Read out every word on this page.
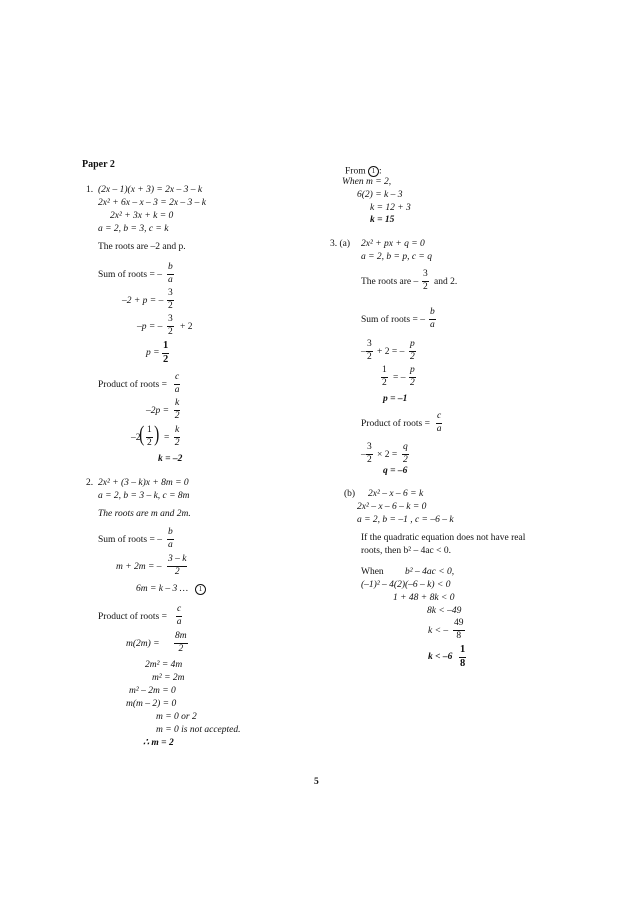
Paper 2
1. (2x – 1)(x + 3) = 2x – 3 – k
2x² + 6x – x – 3 = 2x – 3 – k
2x² + 3x + k = 0
a = 2, b = 3, c = k
The roots are –2 and p.
Sum of roots = – $\frac{b}{a}$
–2 + p = – $\frac{3}{2}$
–p = – $\frac{3}{2} + 2$
$p = \frac{1}{2}$
Product of roots = $\frac{c}{a}$
$-2p = \frac{k}{2}$
–2
( $\frac{1}{2}$ ) = $\frac{k}{2}$
k = –2
2. 2x² + (3 – k)x + 8m = 0
a = 2, b = 3 – k, c = 8m
The roots are m and 2m.
Sum of roots = – $\frac{b}{a}$
m + 2m = – $\frac{3 - k}{2}$
6m = k – 3 …	1
Product of roots = $\frac{c}{a}$
$m(2m) = \frac{8m}{2}$
2m² = 4m
m² = 2m
m² – 2m = 0
m(m – 2) = 0
m = 0 or 2
m = 0 is not accepted.
∴ m = 2
From 1 :
When m = 2,
6(2) = k – 3
k = 12 + 3
k = 15
3. (a) 2x² + px + q = 0
a = 2, b = p, c = q
The roots are – $\frac{3}{2}$ and 2.
Sum of roots = – $\frac{b}{a}$
– $\frac{3}{2} + 2$ = – $\frac{p}{2}$
$\frac{1}{2}$ = – $\frac{p}{2}$
p = –1
Product of roots = $\frac{c}{a}$
– $\frac{3}{2} \times 2 = \frac{q}{2}$
q = –6
(b) 2x² – x – 6 = k
2x² – x – 6 – k = 0
a = 2, b = –1 , c = –6 – k
If the quadratic equation does not have real
roots, then b² – 4ac < 0.
When b² – 4ac < 0,
(–1)² – 4(2)(–6 – k) < 0
1 + 48 + 8k < 0
8k < –49
k < – $\frac{49}{8}$
$k < -6 \frac{1}{8}$
5
